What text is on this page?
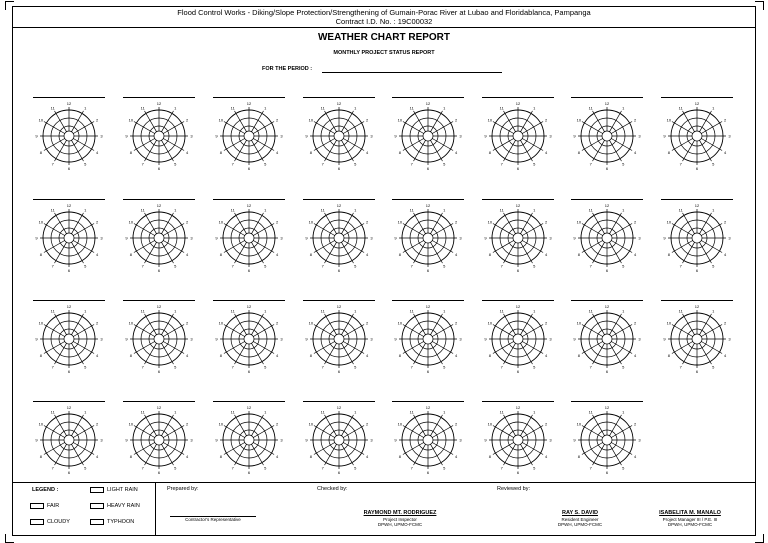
Flood Control Works - Diking/Slope Protection/Strengthening of Gumain-Porac River at Lubao and Floridablanca, Pampanga
Contract I.D. No. : 19C00032
WEATHER CHART REPORT
MONTHLY PROJECT STATUS REPORT
FOR THE PERIOD :
12
1
2
3
4
5
6
7
8
9
10
11
12
1
2
3
4
5
6
7
8
9
10
11
12
1
2
3
4
5
6
7
8
9
10
11
12
1
2
3
4
5
6
7
8
9
10
11
12
1
2
3
4
5
6
7
8
9
10
11
12
1
2
3
4
5
6
7
8
9
10
11
12
1
2
3
4
5
6
7
8
9
10
11
12
1
2
3
4
5
6
7
8
9
10
11
12
1
2
3
4
5
6
7
8
9
10
11
12
1
2
3
4
5
6
7
8
9
10
11
12
1
2
3
4
5
6
7
8
9
10
11
12
1
2
3
4
5
6
7
8
9
10
11
12
1
2
3
4
5
6
7
8
9
10
11
12
1
2
3
4
5
6
7
8
9
10
11
12
1
2
3
4
5
6
7
8
9
10
11
12
1
2
3
4
5
6
7
8
9
10
11
12
1
2
3
4
5
6
7
8
9
10
11
12
1
2
3
4
5
6
7
8
9
10
11
12
1
2
3
4
5
6
7
8
9
10
11
12
1
2
3
4
5
6
7
8
9
10
11
12
1
2
3
4
5
6
7
8
9
10
11
12
1
2
3
4
5
6
7
8
9
10
11
12
1
2
3
4
5
6
7
8
9
10
11
12
1
2
3
4
5
6
7
8
9
10
11
12
1
2
3
4
5
6
7
8
9
10
11
12
1
2
3
4
5
6
7
8
9
10
11
12
1
2
3
4
5
6
7
8
9
10
11
12
1
2
3
4
5
6
7
8
9
10
11
12
1
2
3
4
5
6
7
8
9
10
11
12
1
2
3
4
5
6
7
8
9
10
11
12
1
2
3
4
5
6
7
8
9
10
11
LEGEND :	LIGHT RAIN
FAIR	HEAVY RAIN
CLOUDY	TYPHOON
Prepared by:	Checked by:	Reviewed by:
Contractor's Representative
RAYMOND MT. RODRIGUEZ
Project Inspector
DPWH, UPMO-FCMC
RAY S. DAVID
Resident Engineer
DPWH, UPMO-FCMC
ISABELITA M. MANALO
Project Manager III / P.E. III
DPWH, UPMO-FCMC
